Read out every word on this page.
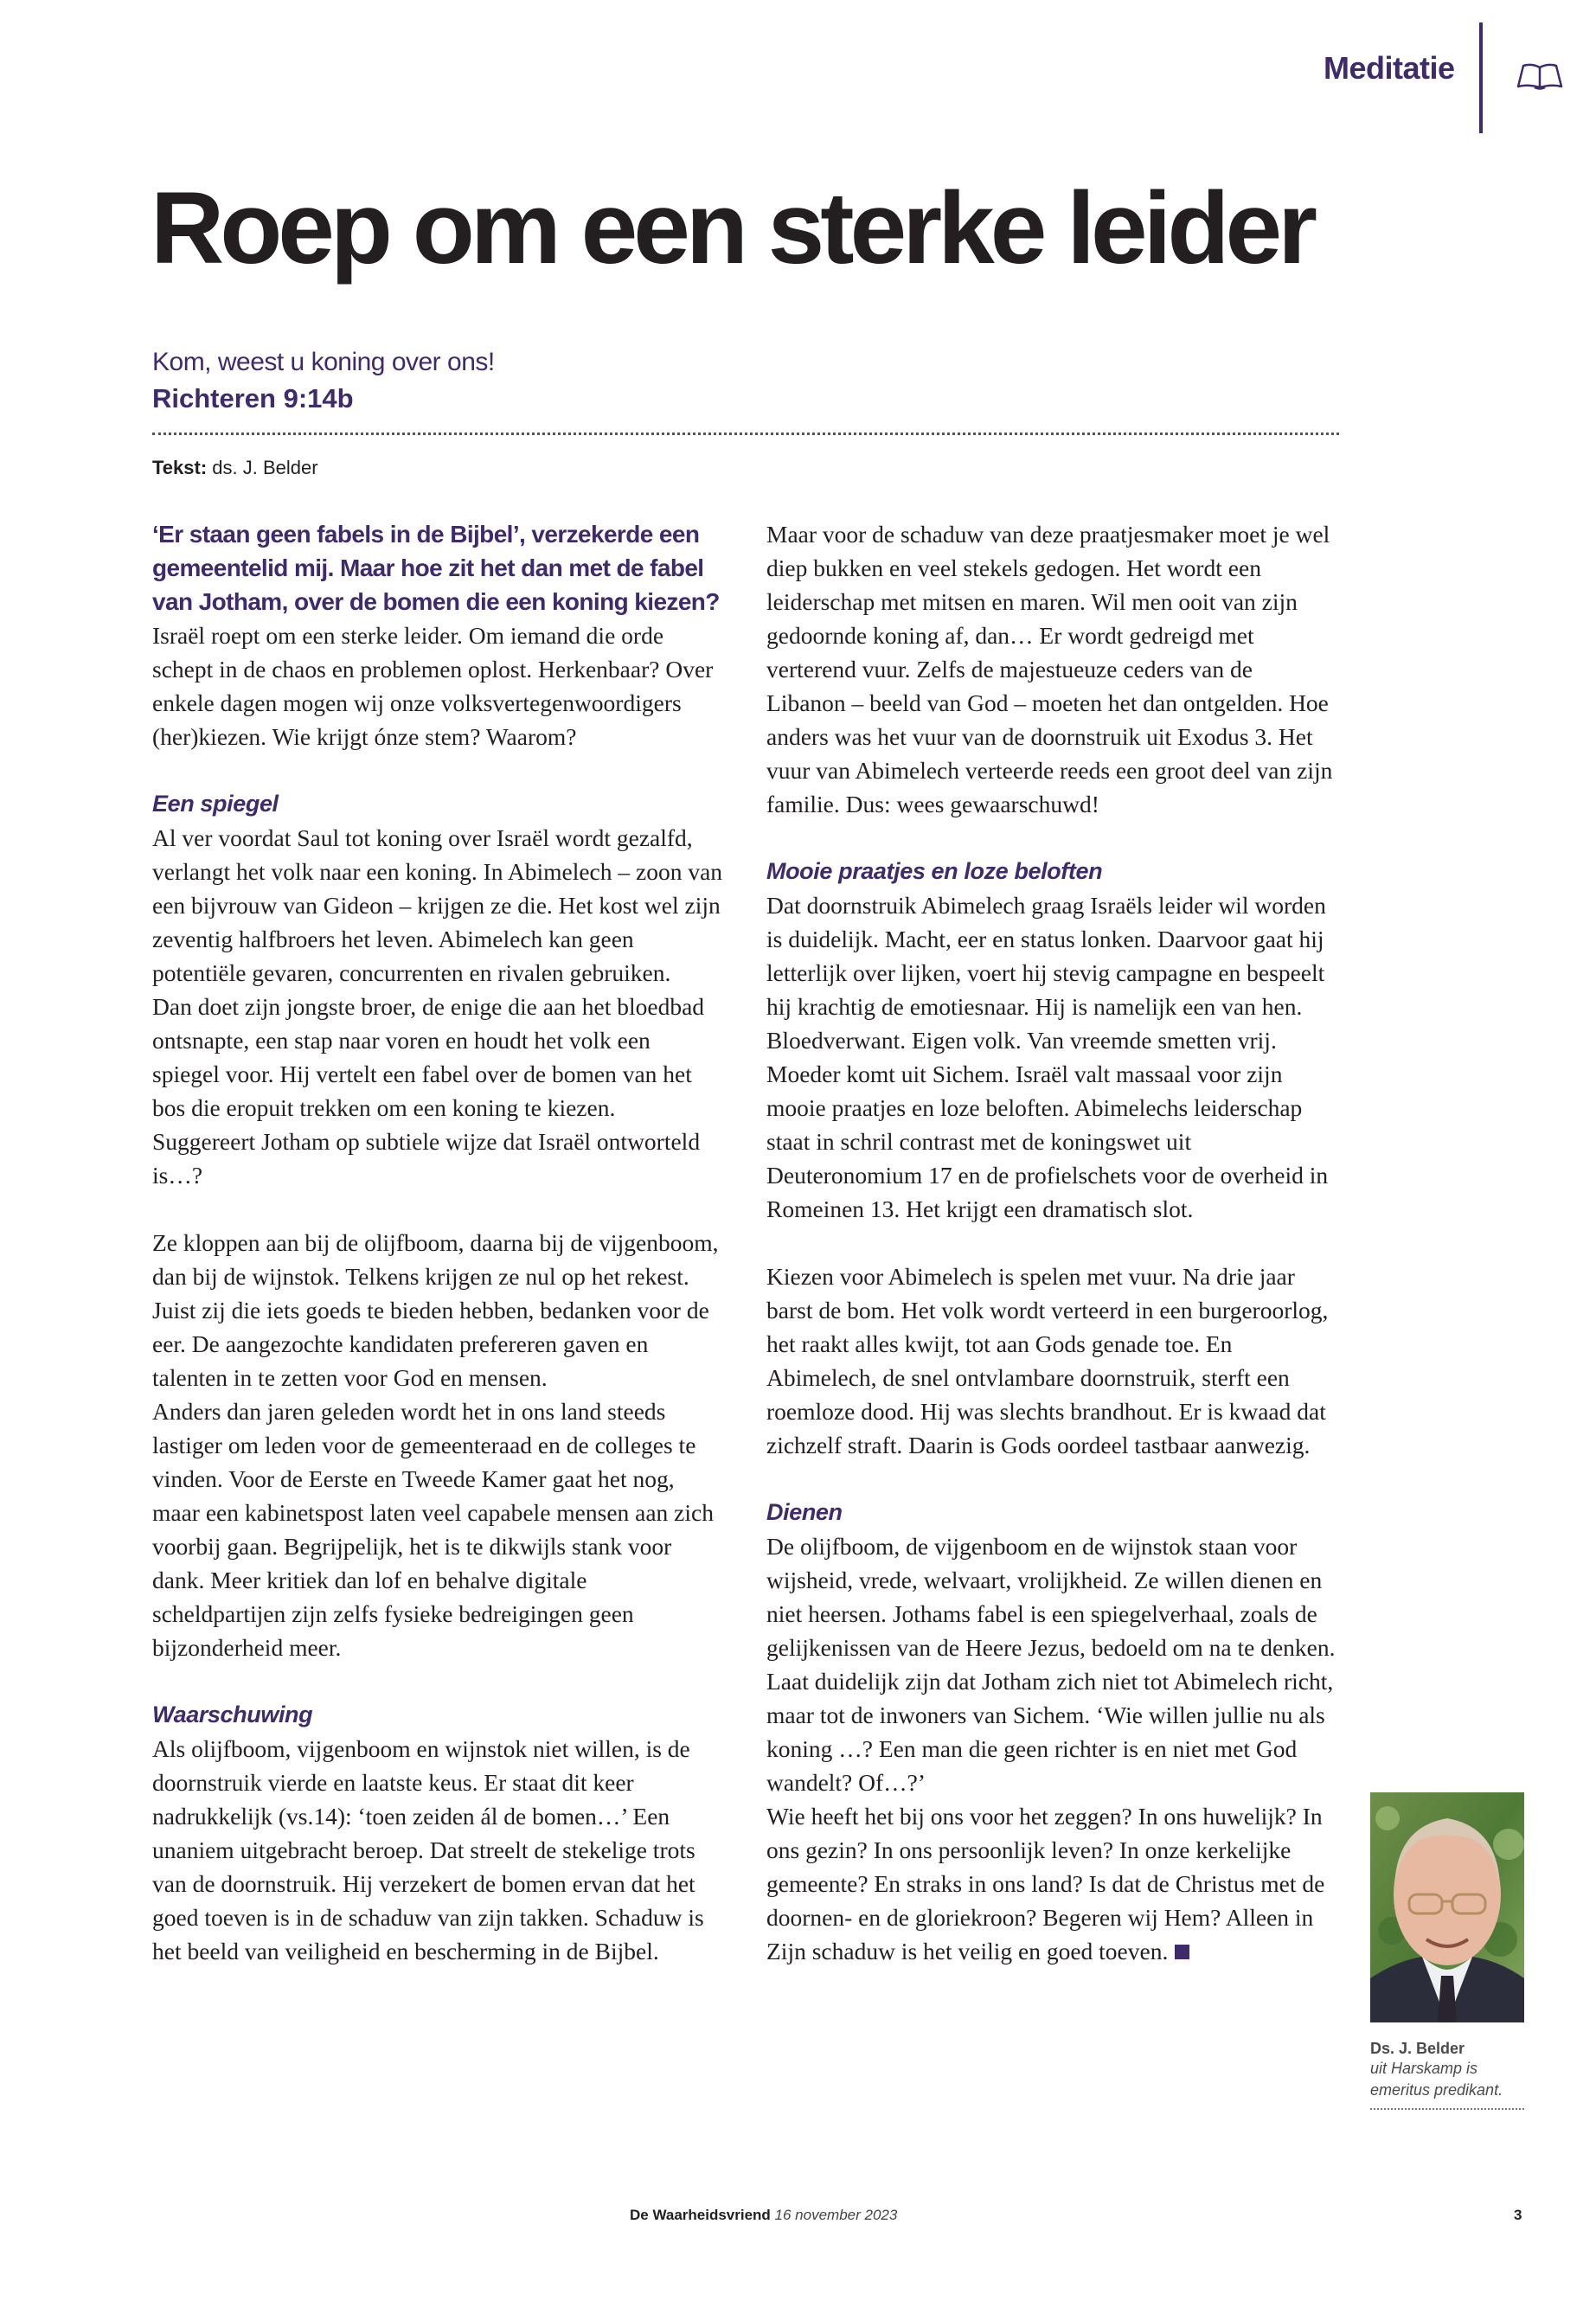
Meditatie
Roep om een sterke leider
Kom, weest u koning over ons!
Richteren 9:14b
Tekst: ds. J. Belder

‘Er staan geen fabels in de Bijbel’, verzekerde een gemeentelid mij. Maar hoe zit het dan met de fabel van Jotham, over de bomen die een koning kiezen?

Israël roept om een sterke leider. Om iemand die orde schept in de chaos en problemen oplost. Herkenbaar? Over enkele dagen mogen wij onze volksvertegenwoordigers (her)kiezen. Wie krijgt ónze stem? Waarom?

Een spiegel

Al ver voordat Saul tot koning over Israël wordt gezalfd, verlangt het volk naar een koning. In Abimelech – zoon van een bijvrouw van Gideon – krijgen ze die. Het kost wel zijn zeventig halfbroers het leven. Abimelech kan geen potentiële gevaren, concurrenten en rivalen gebruiken.

Dan doet zijn jongste broer, de enige die aan het bloedbad ontsnapte, een stap naar voren en houdt het volk een spiegel voor. Hij vertelt een fabel over de bomen van het bos die eropuit trekken om een koning te kiezen. Suggereert Jotham op subtiele wijze dat Israël ontworteld is…?

Ze kloppen aan bij de olijfboom, daarna bij de vijgenboom, dan bij de wijnstok. Telkens krijgen ze nul op het rekest. Juist zij die iets goeds te bieden hebben, bedanken voor de eer. De aangezochte kandidaten prefereren gaven en talenten in te zetten voor God en mensen.

Anders dan jaren geleden wordt het in ons land steeds lastiger om leden voor de gemeenteraad en de colleges te vinden. Voor de Eerste en Tweede Kamer gaat het nog, maar een kabinetspost laten veel capabele mensen aan zich voorbij gaan. Begrijpelijk, het is te dikwijls stank voor dank. Meer kritiek dan lof en behalve digitale scheldpartijen zijn zelfs fysieke bedreigingen geen bijzonderheid meer.

Waarschuwing

Als olijfboom, vijgenboom en wijnstok niet willen, is de doornstruik vierde en laatste keus. Er staat dit keer nadrukkelijk (vs.14): ‘toen zeiden ál de bomen…’ Een unaniem uitgebracht beroep. Dat streelt de stekelige trots van de doornstruik. Hij verzekert de bomen ervan dat het goed toeven is in de schaduw van zijn takken. Schaduw is het beeld van veiligheid en bescherming in de Bijbel.

Maar voor de schaduw van deze praatjesmaker moet je wel diep bukken en veel stekels gedogen. Het wordt een leiderschap met mitsen en maren. Wil men ooit van zijn gedoornde koning af, dan… Er wordt gedreigd met verterend vuur. Zelfs de majestueuze ceders van de Libanon – beeld van God – moeten het dan ontgelden. Hoe anders was het vuur van de doornstruik uit Exodus 3. Het vuur van Abimelech verteerde reeds een groot deel van zijn familie. Dus: wees gewaarschuwd!

Mooie praatjes en loze beloften

Dat doornstruik Abimelech graag Israëls leider wil worden is duidelijk. Macht, eer en status lonken. Daarvoor gaat hij letterlijk over lijken, voert hij stevig campagne en bespeelt hij krachtig de emotiesnaar. Hij is namelijk een van hen. Bloedverwant. Eigen volk. Van vreemde smetten vrij. Moeder komt uit Sichem. Israël valt massaal voor zijn mooie praatjes en loze beloften. Abimelechs leiderschap staat in schril contrast met de koningswet uit Deuteronomium 17 en de profielschets voor de overheid in Romeinen 13. Het krijgt een dramatisch slot.

Kiezen voor Abimelech is spelen met vuur. Na drie jaar barst de bom. Het volk wordt verteerd in een burgeroorlog, het raakt alles kwijt, tot aan Gods genade toe. En Abimelech, de snel ontvlambare doornstruik, sterft een roemloze dood. Hij was slechts brandhout. Er is kwaad dat zichzelf straft. Daarin is Gods oordeel tastbaar aanwezig.

Dienen

De olijfboom, de vijgenboom en de wijnstok staan voor wijsheid, vrede, welvaart, vrolijkheid. Ze willen dienen en niet heersen. Jothams fabel is een spiegelverhaal, zoals de gelijkenissen van de Heere Jezus, bedoeld om na te denken. Laat duidelijk zijn dat Jotham zich niet tot Abimelech richt, maar tot de inwoners van Sichem. ‘Wie willen jullie nu als koning …? Een man die geen richter is en niet met God wandelt? Of…?’

Wie heeft het bij ons voor het zeggen? In ons huwelijk? In ons gezin? In ons persoonlijk leven? In onze kerkelijke gemeente? En straks in ons land? Is dat de Christus met de doornen- en de gloriekroon? Begeren wij Hem? Alleen in Zijn schaduw is het veilig en goed toeven.

Ds. J. Belder
uit Harskamp is emeritus predikant.
De Waarheidsvriend 16 november 2023	3
